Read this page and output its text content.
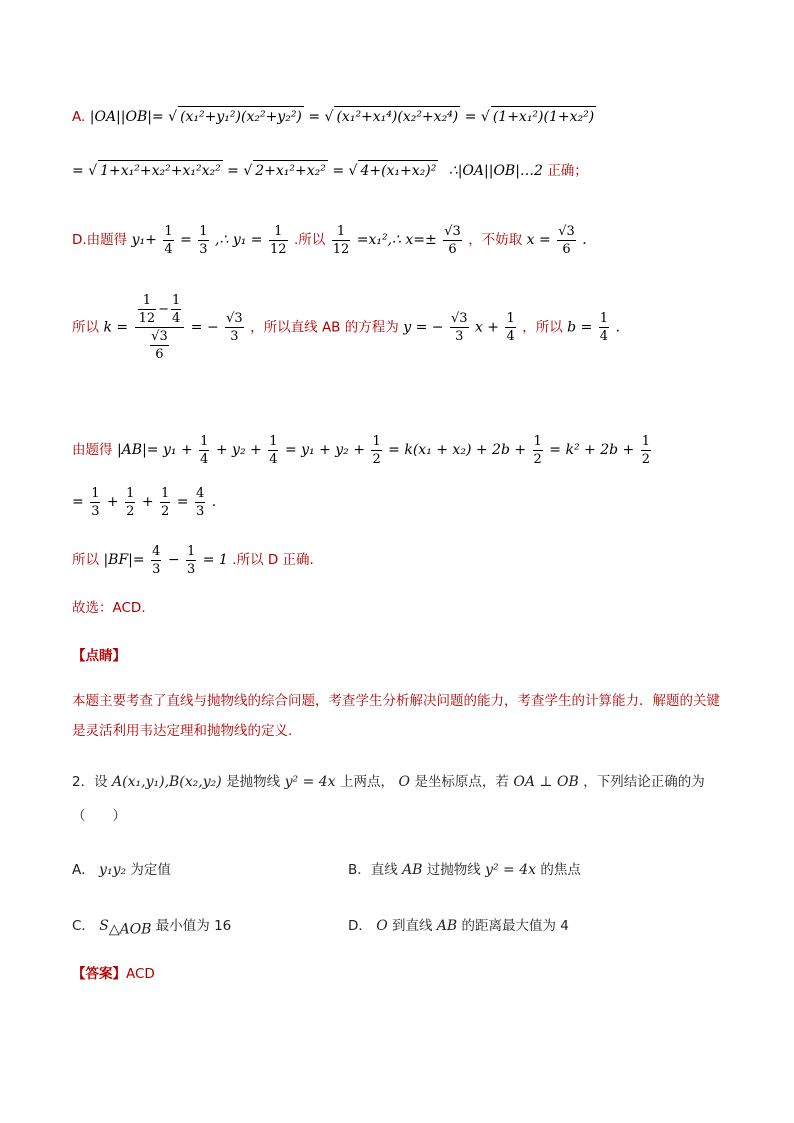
A. |OA||OB|= √ (x₁²+y₁²)(x₂²+y₂²) = √ (x₁²+x₁⁴)(x₂²+x₂⁴) = √ (1+x₁²)(1+x₂²)
= √ 1+x₁²+x₂²+x₁²x₂² = √ 2+x₁²+x₂² = √ 4+(x₁+x₂)² ∴|OA||OB|…2 正确；
D.由题得 $y_1+ \frac{1}{4} = \frac{1}{3}$ ,∴ $y_1 = \frac{1}{12}$ .所以 $\frac{1}{12}$ =x₁²,∴ $x=\pm \frac{√3}{6}$ ，不妨取 $x = \frac{√3}{6}$ .
所以 $k = \frac{\frac{1}{12} - \frac{1}{4}}{\frac{√3}{6}}$ = − $\frac{√3}{3}$ ，所以直线 AB 的方程为 y = − $\frac{√3}{3}$ $x + \frac{1}{4}$ ，所以 $b = \frac{1}{4}$ .
由题得 $|AB|= y_1 + \frac{1}{4} + y_2 + \frac{1}{4} = y_1 + y_2 + \frac{1}{2} = k(x_1 + x_2) + 2b + \frac{1}{2} = k^2 + 2b + \frac{1}{2}$
= $\frac{1}{3} + \frac{1}{2} + \frac{1}{2} = \frac{4}{3}$ .
所以 $|BF|= \frac{4}{3} - \frac{1}{3} = 1$ .所以 D 正确.
故选：ACD．
【点睛】
本题主要考查了直线与抛物线的综合问题，考查学生分析解决问题的能力，考查学生的计算能力．解题的关键是灵活利用韦达定理和抛物线的定义.
2．设 A(x₁,y₁),B(x₂,y₂) 是抛物线 y² = 4x 上两点， O 是坐标原点，若 OA ⊥ OB ，下列结论正确的为
（　　）
A． y₁y₂ 为定值	B．直线 AB 过抛物线 y² = 4x 的焦点
C． $S_{\triangle AOB}$ 最小值为 16	D． O 到直线 AB 的距离最大值为 4
【答案】ACD
